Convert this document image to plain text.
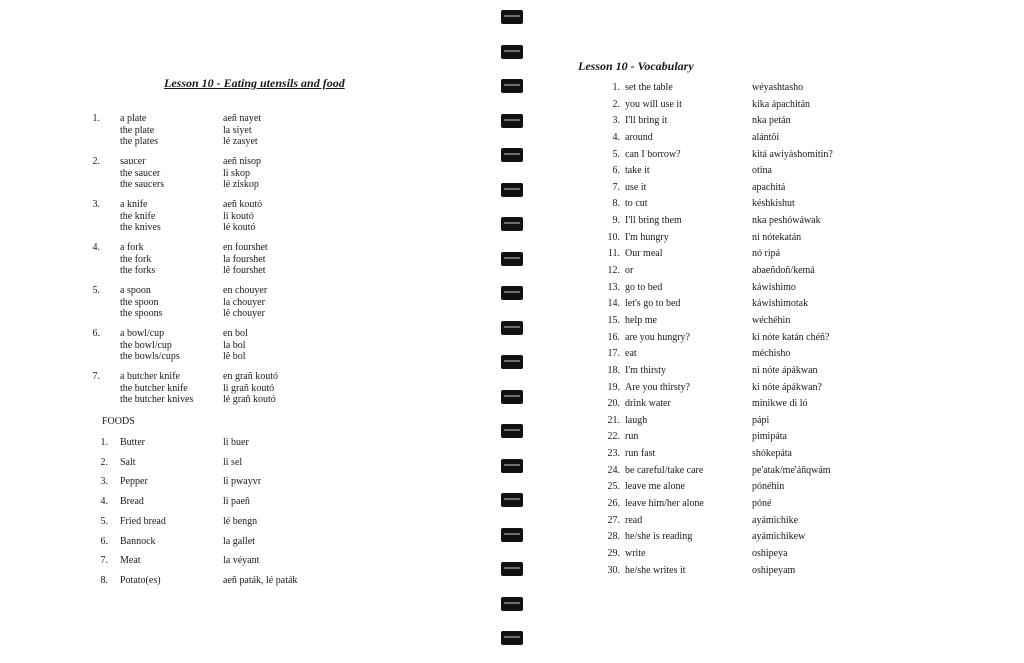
Lesson 10 - Eating utensils and food
1. a plate	aeñ nayet
the plate	la siyet
the plates	lé zasyet
2. saucer	aeñ nisop
the saucer	li skop
the saucers	lé ziskop
3. a knife	aeñ koutó
the knife	li koutó
the knives	lé koutó
4. a fork	en fourshet
the fork	la fourshet
the forks	lê fourshet
5. a spoon	en chouyer
the spoon	la chouyer
the spoons	lê chouyer
6. a bowl/cup	en bol
the bowl/cup	la bol
the bowls/cups	lê bol
7. a butcher knife	en grañ koutó
the butcher knife	li grañ koutó
the butcher knives	lé grañ koutó
FOODS
1. Butter	li buer
2. Salt	li sel
3. Pepper	li pwayvr
4. Bread	li paeñ
5. Fried bread	lé bengn
6. Bannock	la gallet
7. Meat	la véyant
8. Potato(es)	aeñ paták, lé paták
Lesson 10 - Vocabulary
1. set the table	wéyashtasho
2. you will use it	kika ápachitán
3. I'll bring it	nka petán
4. around	alántôí
5. can I borrow?	kitá awiyáshomitin?
6. take it	otina
7. use it	apachitá
8. to cut	késhkishut
9. I'll bring them	nka peshówáwak
10. I'm hungry	ni nótekatán
11. Our meal	nó ripá
12. or	abaeñdoñ/kemá
13. go to bed	káwishimo
14. let's go to bed	káwishimotak
15. help me	wéchéhin
16. are you hungry?	ki nóte katán chéñ?
17. eat	méchisho
18. I'm thirsty	ni nóte ápákwan
19. Are you thirsty?	ki nóte ápákwan?
20. drink water	minikwe di ló
21. laugh	pápi
22. run	pimipáta
23. run fast	shókepáta
24. be careful/take care	pe'atak/me'áñqwám
25. leave me alone	pónéhin
26. leave him/her alone	póné
27. read	ayámichike
28. he/she is reading	ayámichikew
29. write	oshipeya
30. he/she writes it	oshipeyam
